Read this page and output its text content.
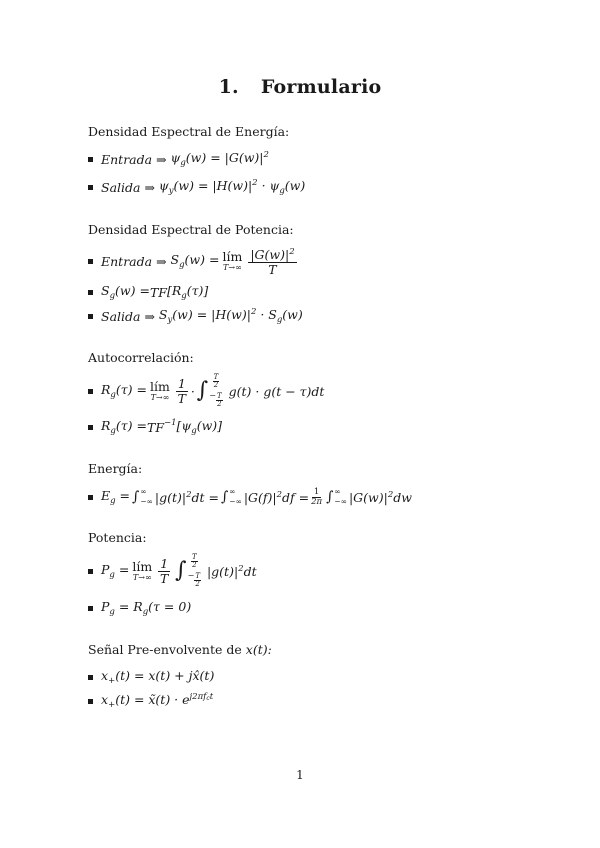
1. Formulario
Densidad Espectral de Energía:
Entrada ⇒ $\psi_g(w) = |G(w)|^2$
Salida ⇒ $\psi_y(w) = |H(w)|^2 \cdot \psi_g(w)$
Densidad Espectral de Potencia:
Entrada ⇒ $S_g(w)$ = lím
$T\to\infty \frac{|G(w)|^2}{T}$
$S_g(w)$ = TF $[R_g(\tau)]$
Salida ⇒ $S_y(w) = |H(w)|^2 \cdot S_g(w)$
Autocorrelación:
$R_g(\tau)$ = lím
$T\to\infty \frac{1}{T}$ · ∫
T
2
− $\frac{T}{2}$
g(t) · g(t − τ)dt
$R_g(\tau)$ = TF $^{-1}[\psi_g(w)]$
Energía:
$E_g$ = ∫ ∞
−∞ $|g(t)|^2dt$ = ∫ ∞
−∞ $|G(f)|^2df = \frac{1}{2\pi}$ ∫ ∞
−∞ $|G(w)|^2dw$
Potencia:
$P_g$ = lím
$T\to\infty \frac{1}{T}$ ∫
T
2
− $\frac{T}{2}$
$|g(t)|^2dt$
$P_g = R_g(\tau = 0)$
Señal Pre-envolvente de x(t):
$x_+(t) = x(t)$ + jx̂(t)
$x_+(t)$ = x̃(t) · $e^{j2\pi f_ct}$
1
